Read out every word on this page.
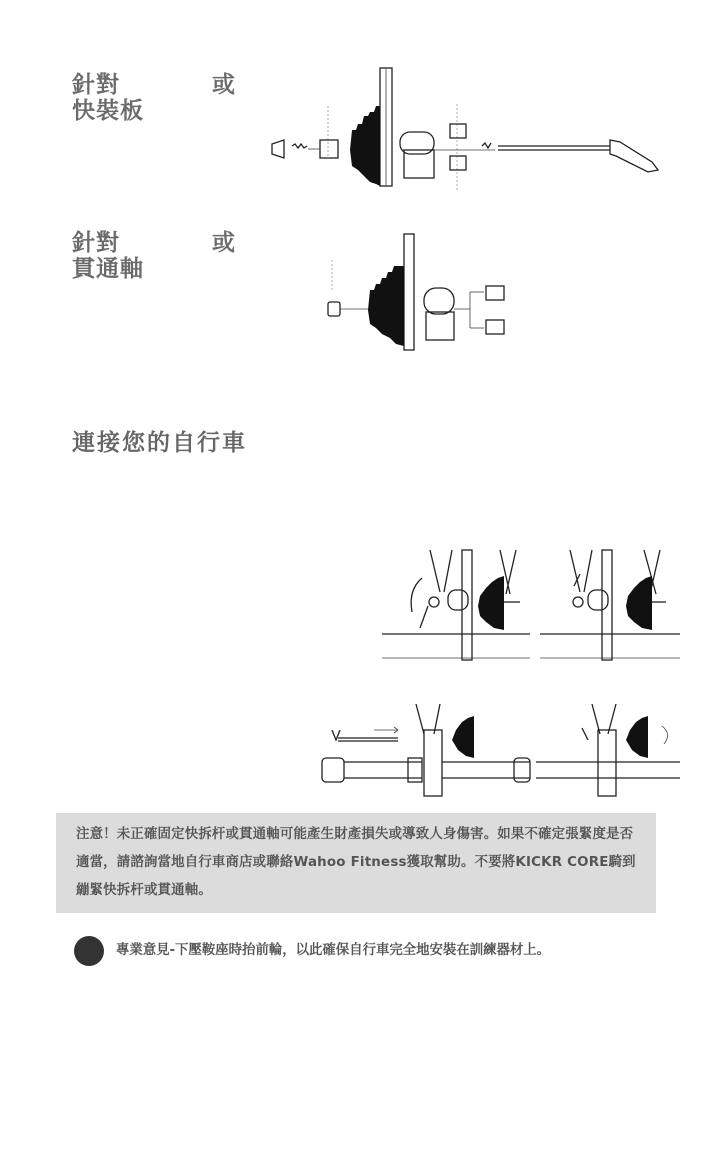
針對	或
快裝板
針對	或
貫通軸
連接您的自行車
注意！未正確固定快拆杆或貫通軸可能產生財產損失或導致人身傷害。如果不確定張緊度是否適當，請諮詢當地自行車商店或聯絡Wahoo Fitness獲取幫助。不要將KICKR CORE騎到繃緊快拆杆或貫通軸。
專業意見-下壓鞍座時抬前輪，以此確保自行車完全地安裝在訓練器材上。
